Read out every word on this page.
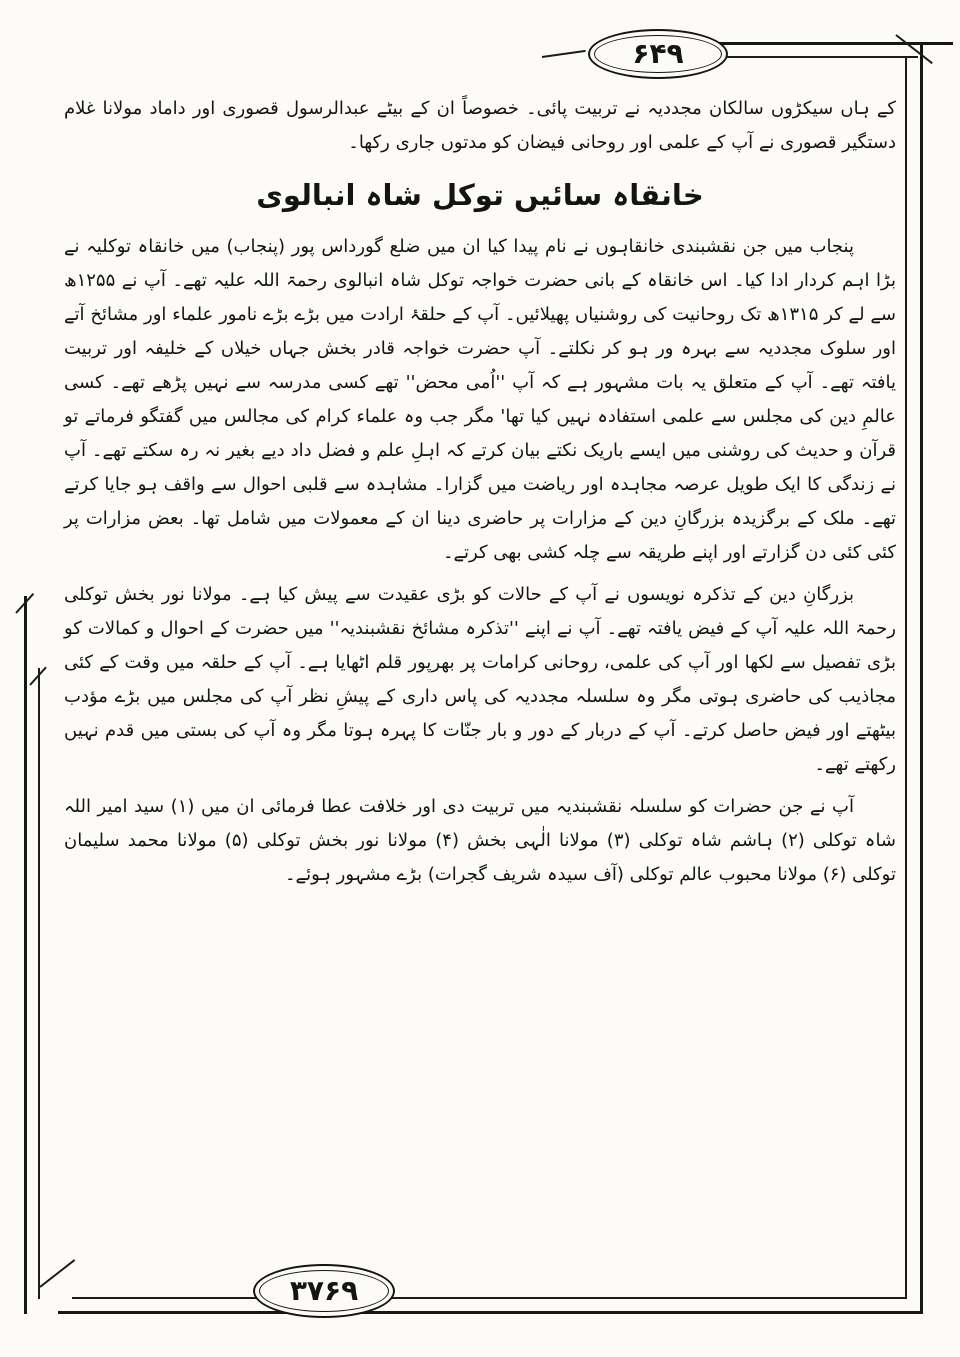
۶۴۹

کے ہاں سیکڑوں سالکان مجددیہ نے تربیت پائی۔ خصوصاً ان کے بیٹے عبدالرسول قصوری اور داماد مولانا غلام دستگیر قصوری نے آپ کے علمی اور روحانی فیضان کو مدتوں جاری رکھا۔

خانقاہ سائیں توکل شاہ انبالوی

پنجاب میں جن نقشبندی خانقاہوں نے نام پیدا کیا ان میں ضلع گورداس پور (پنجاب) میں خانقاہ توکلیہ نے بڑا اہم کردار ادا کیا۔ اس خانقاہ کے بانی حضرت خواجہ توکل شاہ انبالوی رحمۃ اللہ علیہ تھے۔ آپ نے ۱۲۵۵ھ سے لے کر ۱۳۱۵ھ تک روحانیت کی روشنیاں پھیلائیں۔ آپ کے حلقۂ ارادت میں بڑے بڑے نامور علماء اور مشائخ آتے اور سلوک مجددیہ سے بہرہ ور ہو کر نکلتے۔ آپ حضرت خواجہ قادر بخش جہاں خیلاں کے خلیفہ اور تربیت یافتہ تھے۔ آپ کے متعلق یہ بات مشہور ہے کہ آپ ''اُمی محض'' تھے کسی مدرسہ سے نہیں پڑھے تھے۔ کسی عالمِ دین کی مجلس سے علمی استفادہ نہیں کیا تھا' مگر جب وہ علماء کرام کی مجالس میں گفتگو فرماتے تو قرآن و حدیث کی روشنی میں ایسے باریک نکتے بیان کرتے کہ اہلِ علم و فضل داد دیے بغیر نہ رہ سکتے تھے۔ آپ نے زندگی کا ایک طویل عرصہ مجاہدہ اور ریاضت میں گزارا۔ مشاہدہ سے قلبی احوال سے واقف ہو جایا کرتے تھے۔ ملک کے برگزیدہ بزرگانِ دین کے مزارات پر حاضری دینا ان کے معمولات میں شامل تھا۔ بعض مزارات پر کئی کئی دن گزارتے اور اپنے طریقہ سے چلہ کشی بھی کرتے۔

بزرگانِ دین کے تذکرہ نویسوں نے آپ کے حالات کو بڑی عقیدت سے پیش کیا ہے۔ مولانا نور بخش توکلی رحمۃ اللہ علیہ آپ کے فیض یافتہ تھے۔ آپ نے اپنے ''تذکرہ مشائخ نقشبندیہ'' میں حضرت کے احوال و کمالات کو بڑی تفصیل سے لکھا اور آپ کی علمی، روحانی کرامات پر بھرپور قلم اٹھایا ہے۔ آپ کے حلقہ میں وقت کے کئی مجاذیب کی حاضری ہوتی مگر وہ سلسلہ مجددیہ کی پاس داری کے پیشِ نظر آپ کی مجلس میں بڑے مؤدب بیٹھتے اور فیض حاصل کرتے۔ آپ کے دربار کے دور و بار جنّات کا پہرہ ہوتا مگر وہ آپ کی بستی میں قدم نہیں رکھتے تھے۔

آپ نے جن حضرات کو سلسلہ نقشبندیہ میں تربیت دی اور خلافت عطا فرمائی ان میں (۱) سید امیر اللہ شاہ توکلی (۲) ہاشم شاہ توکلی (۳) مولانا الٰہی بخش (۴) مولانا نور بخش توکلی (۵) مولانا محمد سلیمان توکلی (۶) مولانا محبوب عالم توکلی (آف سیدہ شریف گجرات) بڑے مشہور ہوئے۔

۳۷۶۹
